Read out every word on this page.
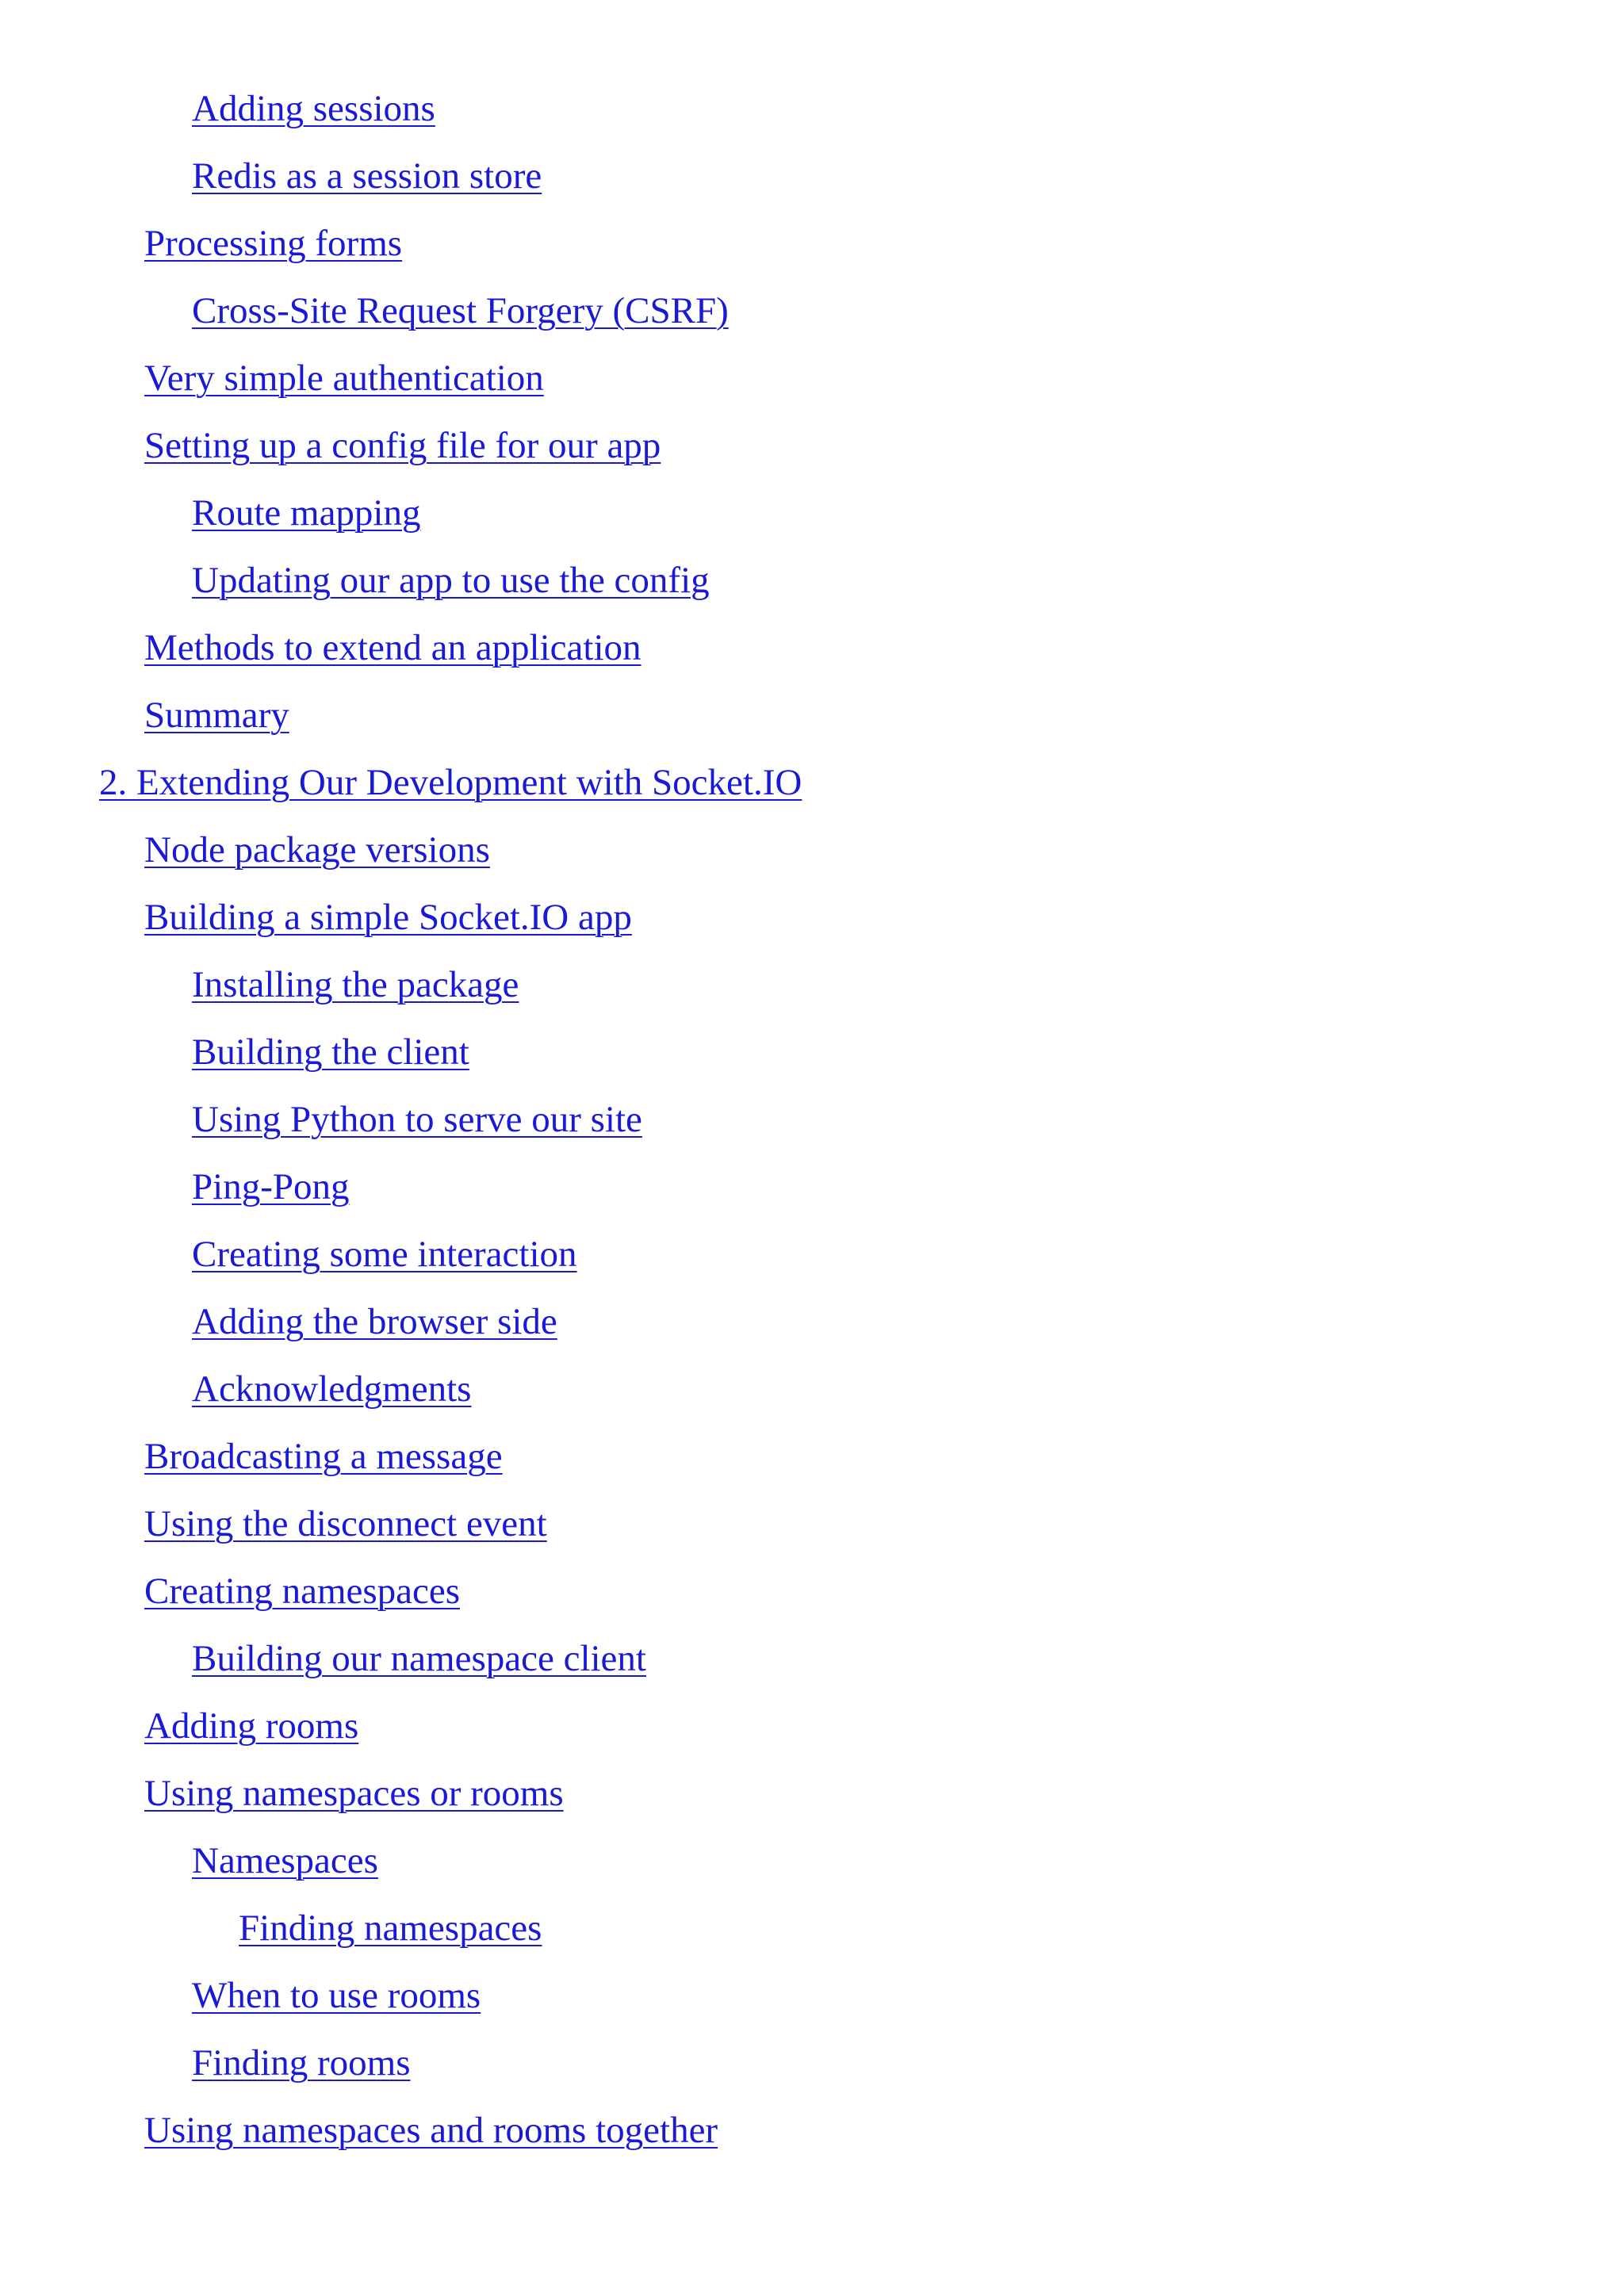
Adding sessions
Redis as a session store
Processing forms
Cross-Site Request Forgery (CSRF)
Very simple authentication
Setting up a config file for our app
Route mapping
Updating our app to use the config
Methods to extend an application
Summary
2. Extending Our Development with Socket.IO
Node package versions
Building a simple Socket.IO app
Installing the package
Building the client
Using Python to serve our site
Ping-Pong
Creating some interaction
Adding the browser side
Acknowledgments
Broadcasting a message
Using the disconnect event
Creating namespaces
Building our namespace client
Adding rooms
Using namespaces or rooms
Namespaces
Finding namespaces
When to use rooms
Finding rooms
Using namespaces and rooms together
